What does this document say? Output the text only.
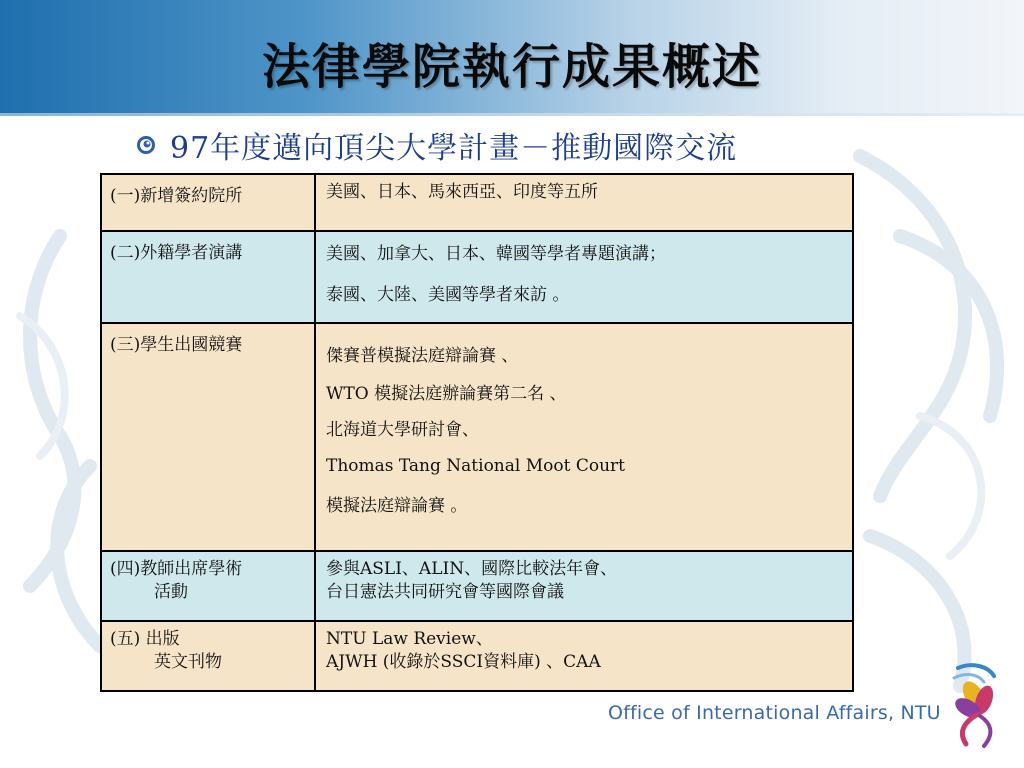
法律學院執行成果概述
97年度邁向頂尖大學計畫－推動國際交流
(一)新增簽約院所	美國、日本、馬來西亞、印度等五所

(二)外籍學者演講	美國、加拿大、日本、韓國等學者專題演講；
泰國、大陸、美國等學者來訪 。

(三)學生出國競賽	傑賽普模擬法庭辯論賽 、
WTO 模擬法庭辦論賽第二名 、
北海道大學研討會、
Thomas Tang National Moot Court
模擬法庭辯論賽 。

(四)教師出席學術
活動	參與ASLI、ALIN、國際比較法年會、
台日憲法共同研究會等國際會議

(五) 出版
英文刊物	NTU Law Review、
AJWH (收錄於SSCI資料庫) 、CAA
Office of International Affairs, NTU
